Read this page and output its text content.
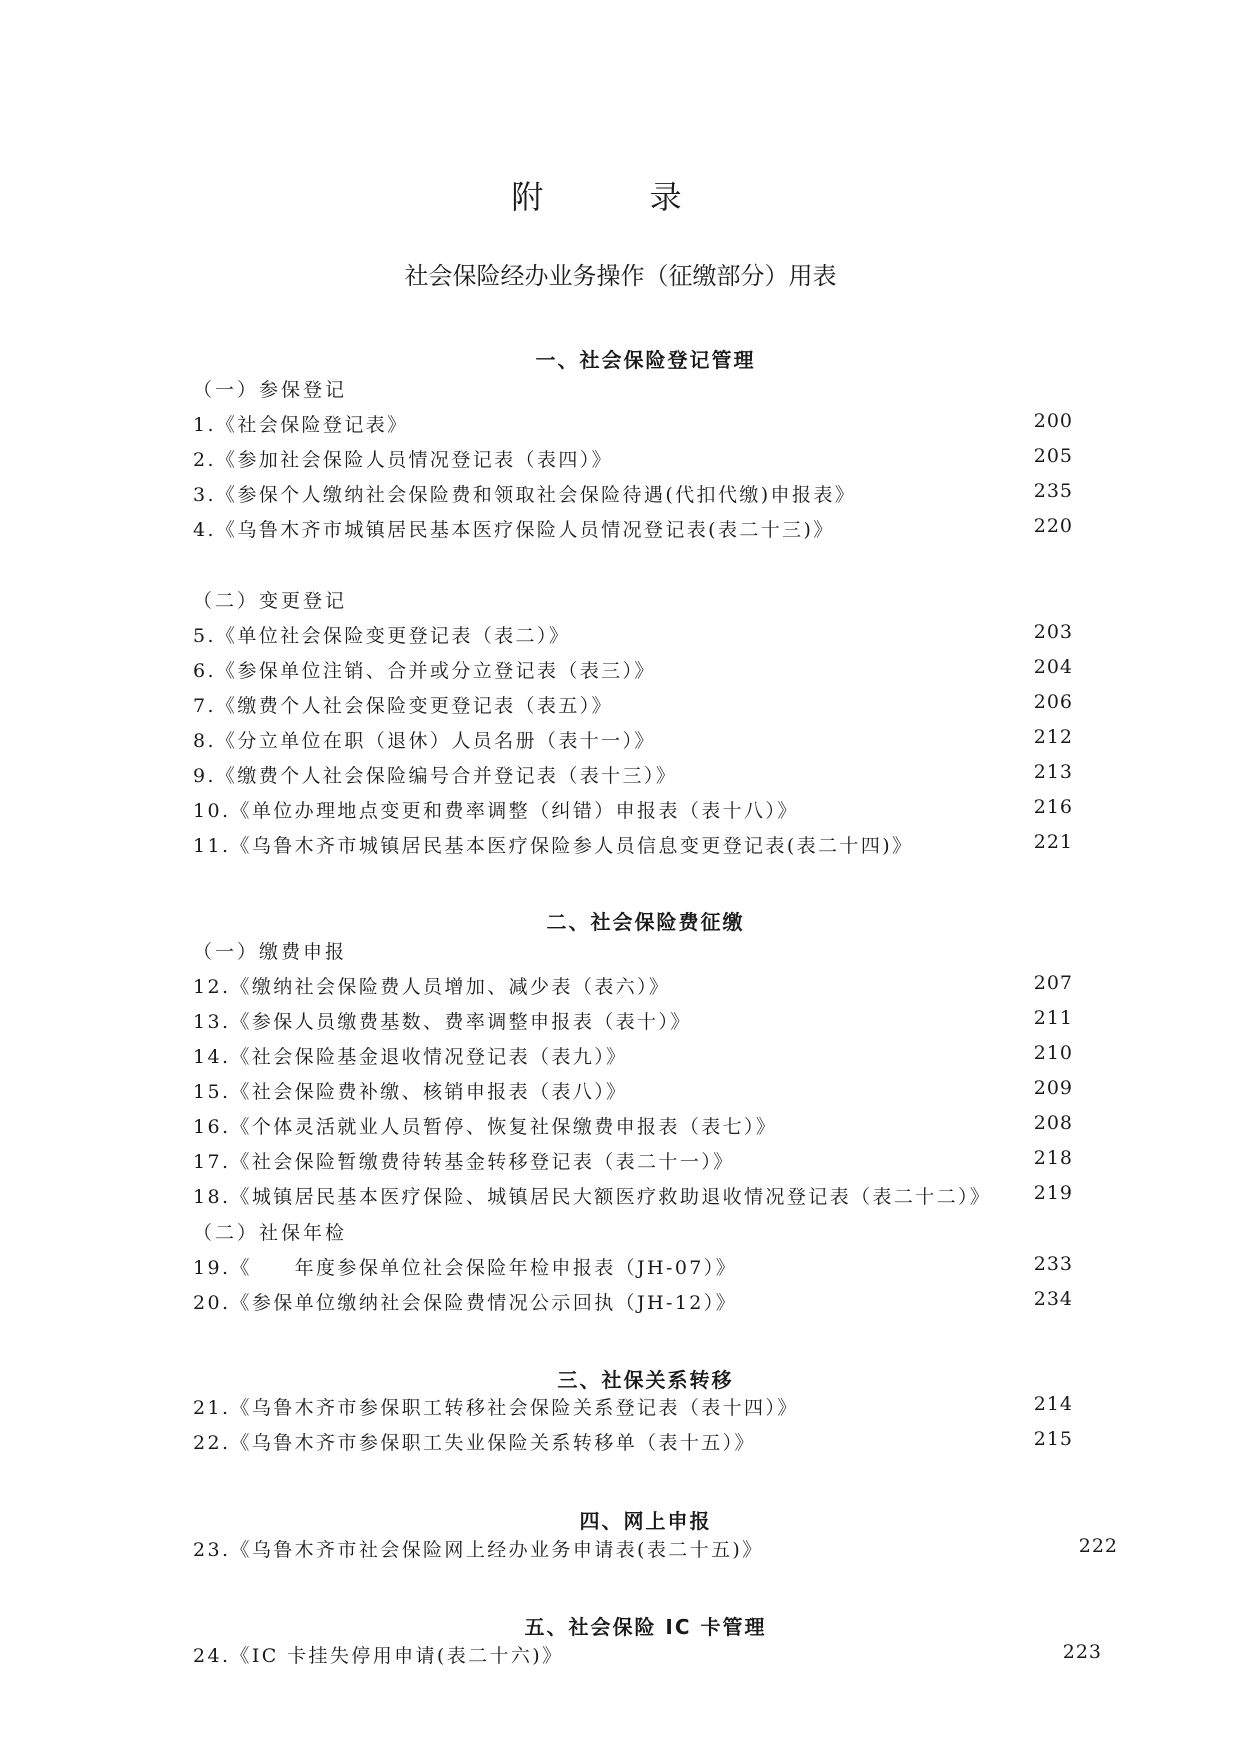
附 录
社会保险经办业务操作（征缴部分）用表
一、社会保险登记管理
（一）参保登记
1.《社会保险登记表》	200
2.《参加社会保险人员情况登记表（表四）》	205
3.《参保个人缴纳社会保险费和领取社会保险待遇(代扣代缴)申报表》	235
4.《乌鲁木齐市城镇居民基本医疗保险人员情况登记表(表二十三)》	220
（二）变更登记
5.《单位社会保险变更登记表（表二）》	203
6.《参保单位注销、合并或分立登记表（表三）》	204
7.《缴费个人社会保险变更登记表（表五）》	206
8.《分立单位在职（退休）人员名册（表十一）》	212
9.《缴费个人社会保险编号合并登记表（表十三）》	213
10.《单位办理地点变更和费率调整（纠错）申报表（表十八）》	216
11.《乌鲁木齐市城镇居民基本医疗保险参人员信息变更登记表(表二十四)》	221
二、社会保险费征缴
（一）缴费申报
12.《缴纳社会保险费人员增加、减少表（表六）》	207
13.《参保人员缴费基数、费率调整申报表（表十）》	211
14.《社会保险基金退收情况登记表（表九）》	210
15.《社会保险费补缴、核销申报表（表八）》	209
16.《个体灵活就业人员暂停、恢复社保缴费申报表（表七）》	208
17.《社会保险暂缴费待转基金转移登记表（表二十一）》	218
18.《城镇居民基本医疗保险、城镇居民大额医疗救助退收情况登记表（表二十二）》 219
（二）社保年检
19.《　　年度参保单位社会保险年检申报表（JH-07）》	233
20.《参保单位缴纳社会保险费情况公示回执（JH-12）》	234
三、社保关系转移
21.《乌鲁木齐市参保职工转移社会保险关系登记表（表十四）》	214
22.《乌鲁木齐市参保职工失业保险关系转移单（表十五）》	215
四、网上申报
23.《乌鲁木齐市社会保险网上经办业务申请表(表二十五)》	222
五、社会保险 IC 卡管理
24.《IC 卡挂失停用申请(表二十六)》	223
